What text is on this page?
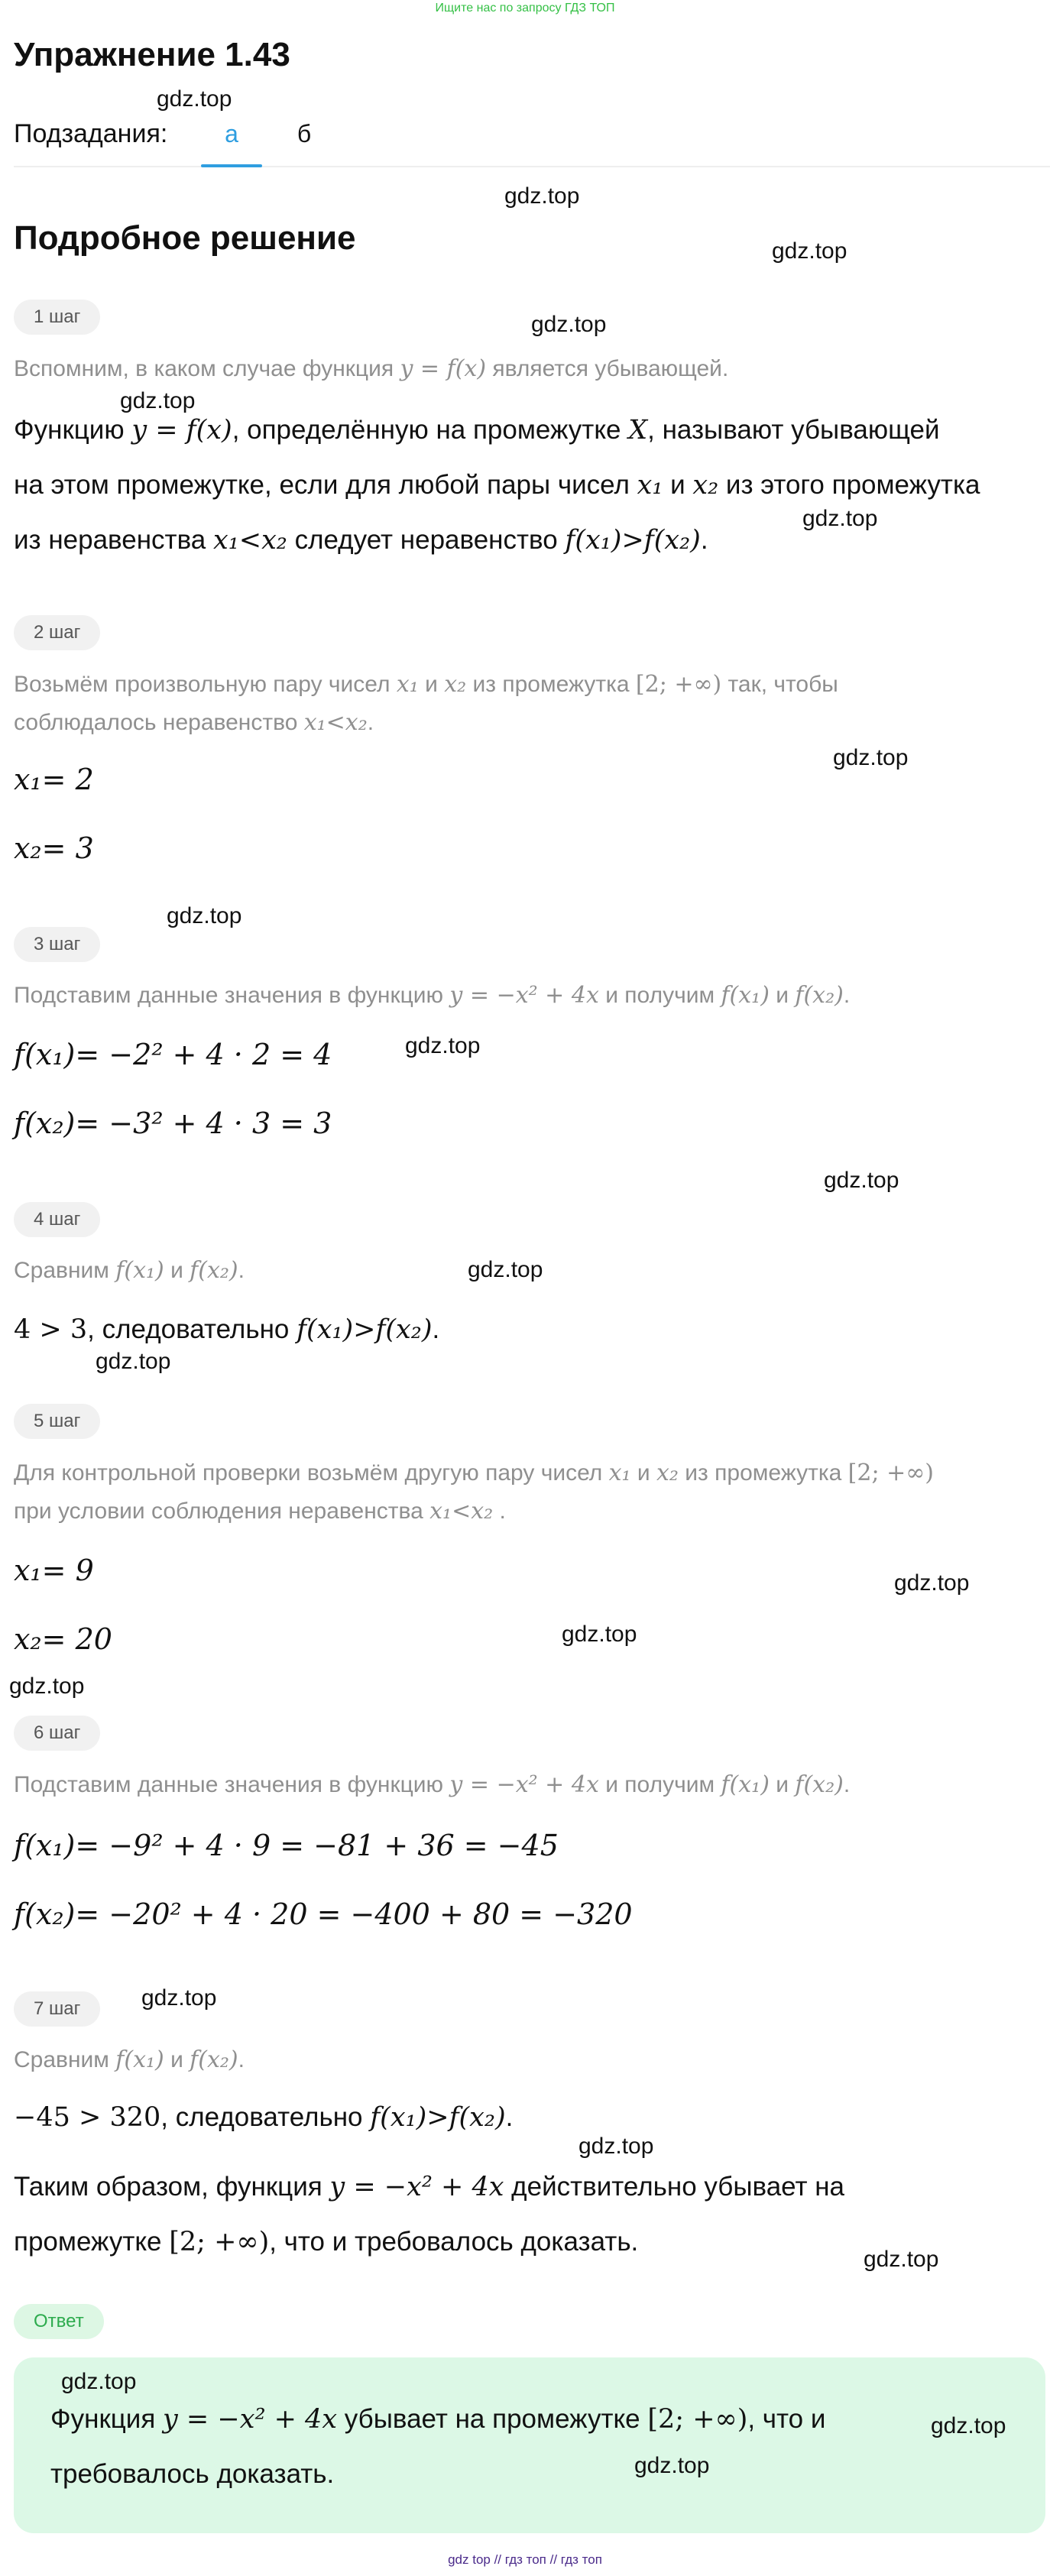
Ищите нас по запросу ГДЗ ТОП
Упражнение 1.43
Подзадания:	а	б
Подробное решение
1 шаг
Вспомним, в каком случае функция y = f(x) является убывающей.
Функцию y = f(x), определённую на промежутке X, называют убывающей
на этом промежутке, если для любой пары чисел x₁ и x₂ из этого промежутка
из неравенства x₁<x₂ следует неравенство f(x₁)>f(x₂).
2 шаг
Возьмём произвольную пару чисел x₁ и x₂ из промежутка [2; +∞) так, чтобы
соблюдалось неравенство x₁<x₂.
x₁= 2
x₂= 3
3 шаг
Подставим данные значения в функцию y = −x² + 4x и получим f(x₁) и f(x₂).
f(x₁)= −2² + 4 · 2 = 4
f(x₂)= −3² + 4 · 3 = 3
4 шаг
Сравним f(x₁) и f(x₂).
4 > 3, следовательно f(x₁)>f(x₂).
5 шаг
Для контрольной проверки возьмём другую пару чисел x₁ и x₂ из промежутка [2; +∞)
при условии соблюдения неравенства x₁<x₂ .
x₁= 9
x₂= 20
6 шаг
Подставим данные значения в функцию y = −x² + 4x и получим f(x₁) и f(x₂).
f(x₁)= −9² + 4 · 9 = −81 + 36 = −45
f(x₂)= −20² + 4 · 20 = −400 + 80 = −320
7 шаг
Сравним f(x₁) и f(x₂).
−45 > 320, следовательно f(x₁)>f(x₂).
Таким образом, функция y = −x² + 4x действительно убывает на
промежутке [2; +∞), что и требовалось доказать.
Ответ
Функция y = −x² + 4x убывает на промежутке [2; +∞), что и
требовалось доказать.
gdz.top
gdz.top
gdz.top
gdz.top
gdz.top
gdz.top
gdz.top
gdz.top
gdz.top
gdz.top
gdz.top
gdz.top
gdz.top
gdz.top
gdz.top
gdz.top
gdz.top
gdz.top
gdz.top
gdz.top
gdz.top
gdz top // гдз топ // гдз топ
